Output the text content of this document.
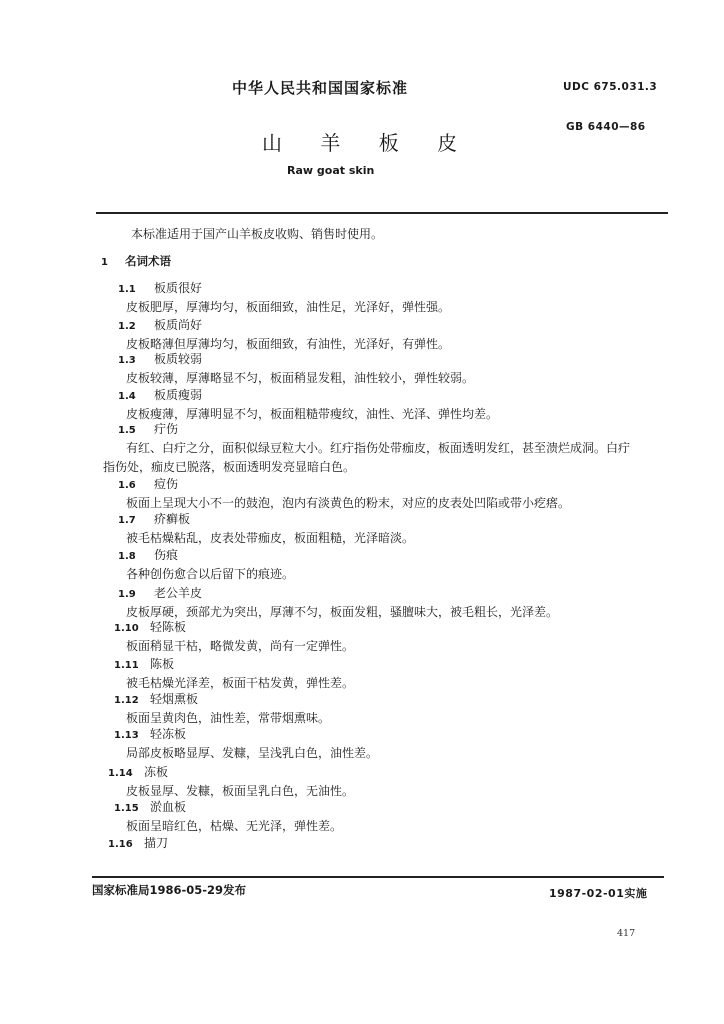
中华人民共和国国家标准	UDC 675.031.3
GB 6440—86
山 羊 板 皮
Raw goat skin
本标准适用于国产山羊板皮收购、销售时使用。
1 名词术语
1.1 板质很好
皮板肥厚，厚薄均匀，板面细致，油性足，光泽好，弹性强。
1.2 板质尚好
皮板略薄但厚薄均匀，板面细致，有油性，光泽好，有弹性。
1.3 板质较弱
皮板较薄，厚薄略显不匀，板面稍显发粗，油性较小，弹性较弱。
1.4 板质瘦弱
皮板瘦薄，厚薄明显不匀，板面粗糙带瘦纹，油性、光泽、弹性均差。
1.5 疔伤
有红、白疔之分，面积似绿豆粒大小。红疔指伤处带痂皮，板面透明发红，甚至溃烂成洞。白疔
指伤处，痂皮已脱落，板面透明发亮显暗白色。
1.6 痘伤
板面上呈现大小不一的鼓泡，泡内有淡黄色的粉末，对应的皮表处凹陷或带小疙瘩。
1.7 疥癣板
被毛枯燥粘乱，皮表处带痂皮，板面粗糙，光泽暗淡。
1.8 伤痕
各种创伤愈合以后留下的痕迹。
1.9 老公羊皮
皮板厚硬，颈部尤为突出，厚薄不匀，板面发粗，骚膻味大，被毛粗长，光泽差。
1.10 轻陈板
板面稍显干枯，略微发黄，尚有一定弹性。
1.11 陈板
被毛枯燥光泽差，板面干枯发黄，弹性差。
1.12 轻烟熏板
板面呈黄肉色，油性差，常带烟熏味。
1.13 轻冻板
局部皮板略显厚、发糠，呈浅乳白色，油性差。
1.14 冻板
皮板显厚、发糠，板面呈乳白色，无油性。
1.15 淤血板
板面呈暗红色，枯燥、无光泽，弹性差。
1.16 描刀
国家标准局1986-05-29发布	1987-02-01实施
417
